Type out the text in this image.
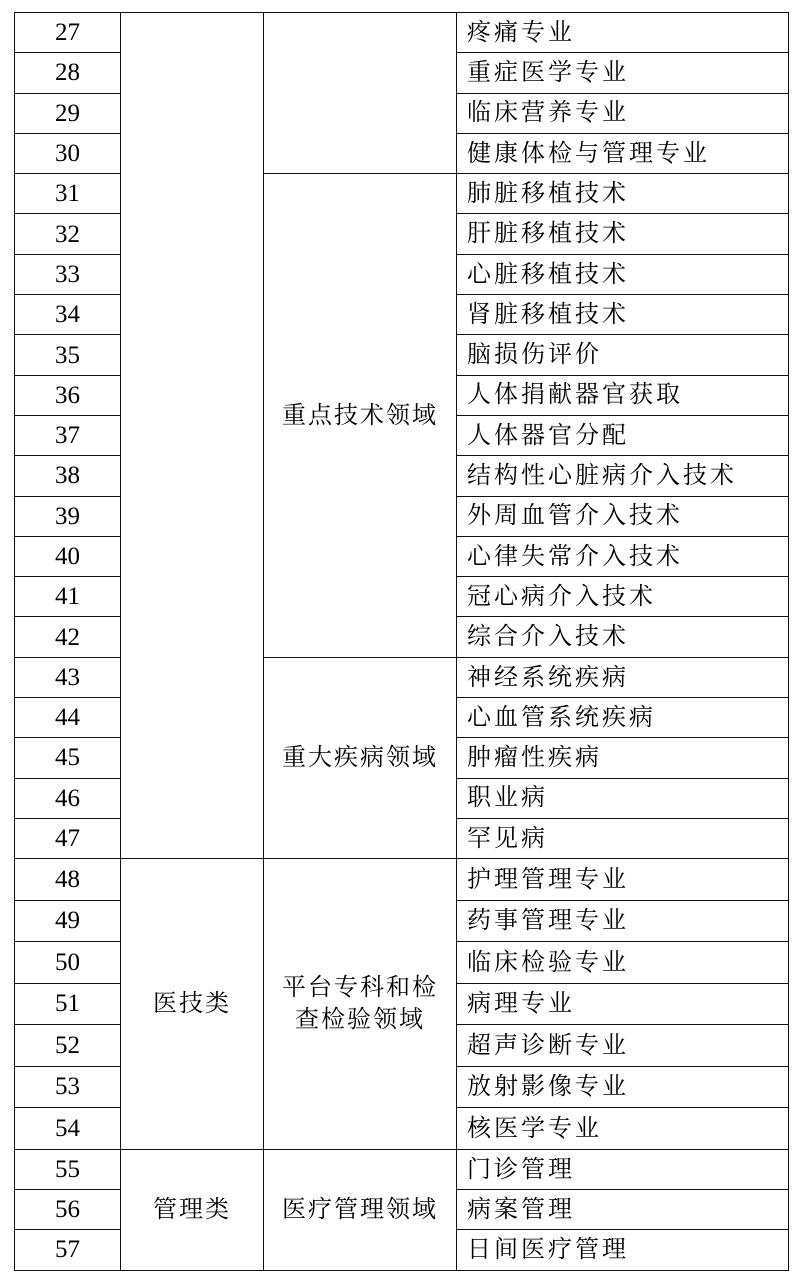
27			疼痛专业
28			重症医学专业
29			临床营养专业
30			健康体检与管理专业
31		重点技术领域	肺脏移植技术
32			肝脏移植技术
33			心脏移植技术
34			肾脏移植技术
35			脑损伤评价
36			人体捐献器官获取
37			人体器官分配
38			结构性心脏病介入技术
39			外周血管介入技术
40			心律失常介入技术
41			冠心病介入技术
42			综合介入技术
43		重大疾病领域	神经系统疾病
44			心血管系统疾病
45			肿瘤性疾病
46			职业病
47			罕见病
48	医技类	平台专科和检查检验领域	护理管理专业
49			药事管理专业
50			临床检验专业
51			病理专业
52			超声诊断专业
53			放射影像专业
54			核医学专业
55	管理类	医疗管理领域	门诊管理
56			病案管理
57			日间医疗管理
